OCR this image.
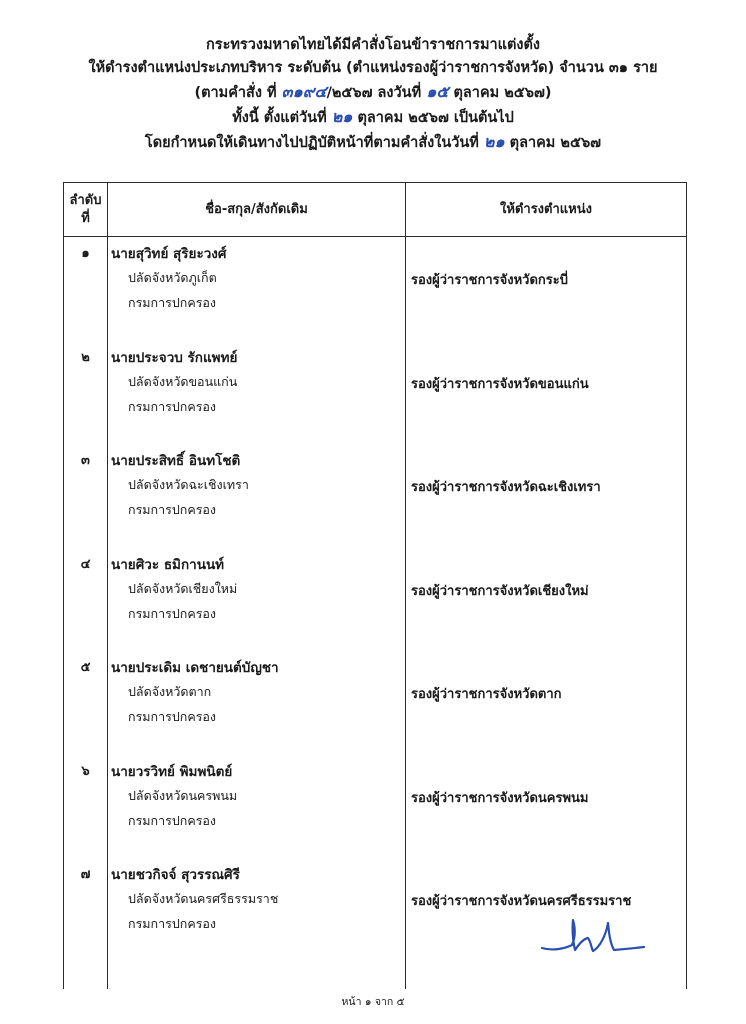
กระทรวงมหาดไทยได้มีคำสั่งโอนข้าราชการมาแต่งตั้ง
ให้ดำรงตำแหน่งประเภทบริหาร ระดับต้น (ตำแหน่งรองผู้ว่าราชการจังหวัด) จำนวน ๓๑ ราย
(ตามคำสั่ง ที่ ๓๑๙๔/๒๕๖๗ ลงวันที่ ๑๕ ตุลาคม ๒๕๖๗)
ทั้งนี้ ตั้งแต่วันที่ ๒๑ ตุลาคม ๒๕๖๗ เป็นต้นไป
โดยกำหนดให้เดินทางไปปฏิบัติหน้าที่ตามคำสั่งในวันที่ ๒๑ ตุลาคม ๒๕๖๗
ลำดับ
ที่
ชื่อ-สกุล/สังกัดเดิม	ให้ดำรงตำแหน่ง
๑	นายสุวิทย์ สุริยะวงศ์
ปลัดจังหวัดภูเก็ต
กรมการปกครอง
รองผู้ว่าราชการจังหวัดกระบี่
๒	นายประจวบ รักแพทย์
ปลัดจังหวัดขอนแก่น
กรมการปกครอง
รองผู้ว่าราชการจังหวัดขอนแก่น
๓	นายประสิทธิ์ อินทโชติ
ปลัดจังหวัดฉะเชิงเทรา
กรมการปกครอง
รองผู้ว่าราชการจังหวัดฉะเชิงเทรา
๔	นายศิวะ ธมิกานนท์
ปลัดจังหวัดเชียงใหม่
กรมการปกครอง
รองผู้ว่าราชการจังหวัดเชียงใหม่
๕	นายประเดิม เดชายนต์บัญชา
ปลัดจังหวัดตาก
กรมการปกครอง
รองผู้ว่าราชการจังหวัดตาก
๖	นายวรวิทย์ พิมพนิตย์
ปลัดจังหวัดนครพนม
กรมการปกครอง
รองผู้ว่าราชการจังหวัดนครพนม
๗	นายชวกิจจ์ สุวรรณศิรี
ปลัดจังหวัดนครศรีธรรมราช
กรมการปกครอง
รองผู้ว่าราชการจังหวัดนครศรีธรรมราช
หน้า ๑ จาก ๕
